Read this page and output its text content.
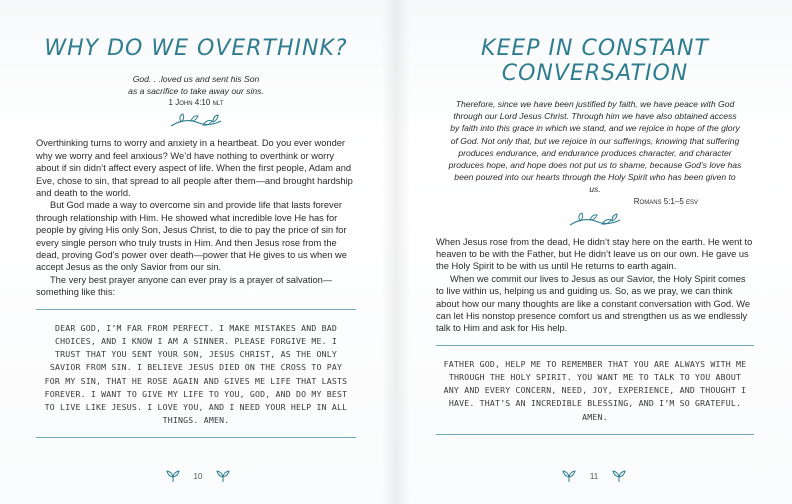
WHY DO WE OVERTHINK?
God. . .loved us and sent his Son
as a sacrifice to take away our sins.
1 John 4:10 nlt

Overthinking turns to worry and anxiety in a heartbeat. Do you ever wonder why we worry and feel anxious? We’d have nothing to overthink or worry about if sin didn’t affect every aspect of life. When the first people, Adam and Eve, chose to sin, that spread to all people after them—and brought hardship and death to the world.

But God made a way to overcome sin and provide life that lasts forever through relationship with Him. He showed what incredible love He has for people by giving His only Son, Jesus Christ, to die to pay the price of sin for every single person who truly trusts in Him. And then Jesus rose from the dead, proving God’s power over death—power that He gives to us when we accept Jesus as the only Savior from our sin.

The very best prayer anyone can ever pray is a prayer of salvation—something like this:

DEAR GOD, I’M FAR FROM PERFECT. I MAKE MISTAKES AND BAD CHOICES, AND I KNOW I AM A SINNER. PLEASE FORGIVE ME. I TRUST THAT YOU SENT YOUR SON, JESUS CHRIST, AS THE ONLY SAVIOR FROM SIN. I BELIEVE JESUS DIED ON THE CROSS TO PAY FOR MY SIN, THAT HE ROSE AGAIN AND GIVES ME LIFE THAT LASTS FOREVER. I WANT TO GIVE MY LIFE TO YOU, GOD, AND DO MY BEST TO LIVE LIKE JESUS. I LOVE YOU, AND I NEED YOUR HELP IN ALL THINGS. AMEN.
10
KEEP IN CONSTANT CONVERSATION
Therefore, since we have been justified by faith, we have peace with God through our Lord Jesus Christ. Through him we have also obtained access by faith into this grace in which we stand, and we rejoice in hope of the glory of God. Not only that, but we rejoice in our sufferings, knowing that suffering produces endurance, and endurance produces character, and character produces hope, and hope does not put us to shame, because God’s love has been poured into our hearts through the Holy Spirit who has been given to us.
Romans 5:1–5 esv

When Jesus rose from the dead, He didn’t stay here on the earth. He went to heaven to be with the Father, but He didn’t leave us on our own. He gave us the Holy Spirit to be with us until He returns to earth again.

When we commit our lives to Jesus as our Savior, the Holy Spirit comes to live within us, helping us and guiding us. So, as we pray, we can think about how our many thoughts are like a constant conversation with God. We can let His nonstop presence comfort us and strengthen us as we endlessly talk to Him and ask for His help.

FATHER GOD, HELP ME TO REMEMBER THAT YOU ARE ALWAYS WITH ME THROUGH THE HOLY SPIRIT. YOU WANT ME TO TALK TO YOU ABOUT ANY AND EVERY CONCERN, NEED, JOY, EXPERIENCE, AND THOUGHT I HAVE. THAT’S AN INCREDIBLE BLESSING, AND I’M SO GRATEFUL. AMEN.
11
